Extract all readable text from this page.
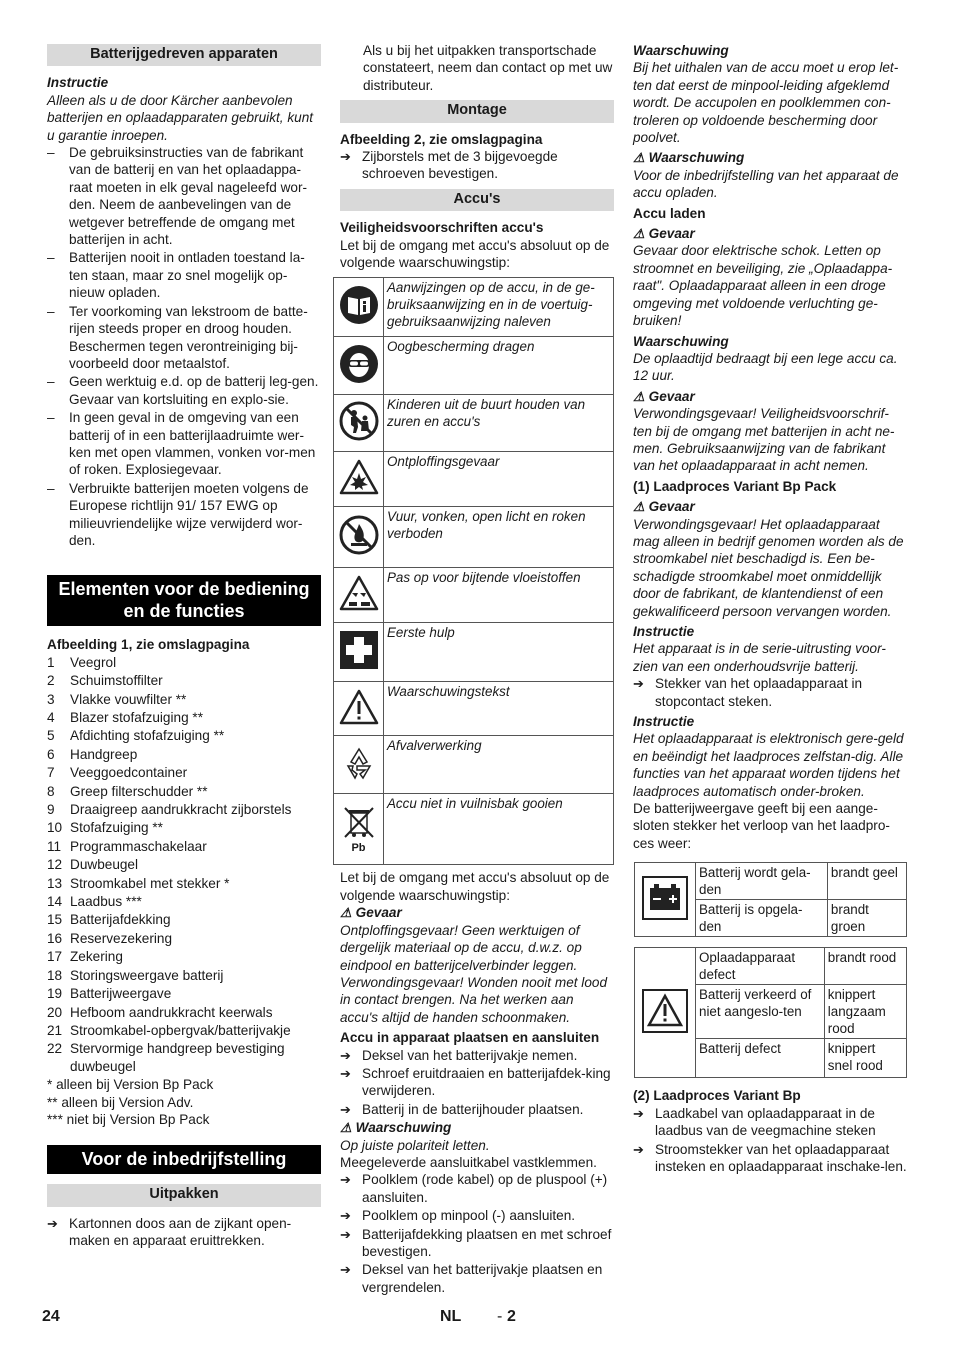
Batterijgedreven apparaten

Instructie

Alleen als u de door Kärcher aanbevolen batterijen en oplaadapparaten gebruikt, kunt u garantie inroepen.

–	De gebruiksinstructies van de fabrikant van de batterij en van het oplaadappa-raat moeten in elk geval nageleefd wor-den. Neem de aanbevelingen van de wetgever betreffende de omgang met batterijen in acht.
–	Batterijen nooit in ontladen toestand la-ten staan, maar zo snel mogelijk op-nieuw opladen.
–	Ter voorkoming van lekstroom de batte-rijen steeds proper en droog houden. Beschermen tegen verontreiniging bij-voorbeeld door metaalstof.
–	Geen werktuig e.d. op de batterij leg-gen. Gevaar van kortsluiting en explo-sie.
–	In geen geval in de omgeving van een batterij of in een batterijlaadruimte wer-ken met open vlammen, vonken vor-men of roken. Explosiegevaar.
–	Verbruikte batterijen moeten volgens de Europese richtlijn 91/ 157 EWG op milieuvriendelijke wijze verwijderd wor-den.
Elementen voor de bediening en de functies

Afbeelding 1, zie omslagpagina

1	Veegrol
2	Schuimstoffilter
3	Vlakke vouwfilter **
4	Blazer stofafzuiging **
5	Afdichting stofafzuiging **
6	Handgreep
7	Veeggoedcontainer
8	Greep filterschudder **
9	Draaigreep aandrukkracht zijborstels
10 Stofafzuiging **
11 Programmaschakelaar
12 Duwbeugel
13 Stroomkabel met stekker *
14 Laadbus ***
15 Batterijafdekking
16 Reservezekering
17 Zekering
18 Storingsweergave batterij
19 Batterijweergave
20 Hefboom aandrukkracht keerwals
21 Stroomkabel-opbergvak/batterijvakje
22 Stervormige handgreep bevestiging duwbeugel

* alleen bij Version Bp Pack

** alleen bij Version Adv.

*** niet bij Version Bp Pack

Voor de inbedrijfstelling
Uitpakken
➔ Kartonnen doos aan de zijkant open-maken en apparaat eruittrekken.

Als u bij het uitpakken transportschade constateert, neem dan contact op met uw distributeur.

Montage

Afbeelding 2, zie omslagpagina

➔ Zijborstels met de 3 bijgevoegde schroeven bevestigen.
Accu's

Veiligheidsvoorschriften accu's

Let bij de omgang met accu's absoluut op de volgende waarschuwingstip:

	Aanwijzingen op de accu, in de ge-bruiksaanwijzing en in de voertuig-gebruiksaanwijzing naleven
	Oogbescherming dragen
	Kinderen uit de buurt houden van zuren en accu's
	Ontploffingsgevaar
	Vuur, vonken, open licht en roken verboden
	Pas op voor bijtende vloeistoffen
	Eerste hulp
	Waarschuwingstekst
	Afvalverwerking

Pb	Accu niet in vuilnisbak gooien

Let bij de omgang met accu's absoluut op de volgende waarschuwingstip:

⚠ Gevaar

Ontploffingsgevaar! Geen werktuigen of dergelijk materiaal op de accu, d.w.z. op eindpool en batterijcelverbinder leggen. Verwondingsgevaar! Wonden nooit met lood in contact brengen. Na het werken aan accu's altijd de handen schoonmaken.

Accu in apparaat plaatsen en aansluiten

➔ Deksel van het batterijvakje nemen.
➔ Schroef eruitdraaien en batterijafdek-king verwijderen.
➔ Batterij in de batterijhouder plaatsen.

⚠ Waarschuwing

Op juiste polariteit letten.

Meegeleverde aansluitkabel vastklemmen.

➔ Poolklem (rode kabel) op de pluspool (+) aansluiten.
➔ Poolklem op minpool (-) aansluiten.
➔ Batterijafdekking plaatsen en met schroef bevestigen.
➔ Deksel van het batterijvakje plaatsen en vergrendelen.

Waarschuwing

Bij het uithalen van de accu moet u erop let-ten dat eerst de minpool-leiding afgeklemd wordt. De accupolen en poolklemmen con-troleren op voldoende bescherming door poolvet.

⚠ Waarschuwing

Voor de inbedrijfstelling van het apparaat de accu opladen.

Accu laden

⚠ Gevaar

Gevaar door elektrische schok. Letten op stroomnet en beveiliging, zie „Oplaadappa-raat". Oplaadapparaat alleen in een droge omgeving met voldoende verluchting ge-bruiken!

Waarschuwing

De oplaadtijd bedraagt bij een lege accu ca. 12 uur.

⚠ Gevaar

Verwondingsgevaar! Veiligheidsvoorschrif-ten bij de omgang met batterijen in acht ne-men. Gebruiksaanwijzing van de fabrikant van het oplaadapparaat in acht nemen.

(1) Laadproces Variant Bp Pack

⚠ Gevaar

Verwondingsgevaar! Het oplaadapparaat mag alleen in bedrijf genomen worden als de stroomkabel niet beschadigd is. Een be-schadigde stroomkabel moet onmiddellijk door de fabrikant, de klantendienst of een gekwalificeerd persoon vervangen worden.

Instructie

Het apparaat is in de serie-uitrusting voor-zien van een onderhoudsvrije batterij.

➔ Stekker van het oplaadapparaat in stopcontact steken.

Instructie

Het oplaadapparaat is elektronisch gere-geld en beëindigt het laadproces zelfstan-dig. Alle functies van het apparaat worden tijdens het laadproces automatisch onder-broken.

De batterijweergave geeft bij een aange-sloten stekker het verloop van het laadpro-ces weer:

	Batterij wordt gela-den	brandt geel
	Batterij is opgela-den	brandt groen
	Oplaadapparaat defect	brandt rood
	Batterij verkeerd of niet aangeslo-ten	knippert langzaam rood
	Batterij defect	knippert snel rood

(2) Laadproces Variant Bp

➔ Laadkabel van oplaadapparaat in de laadbus van de veegmachine steken
➔ Stroomstekker van het oplaadapparaat insteken en oplaadapparaat inschake-len.
24	NL - 2
